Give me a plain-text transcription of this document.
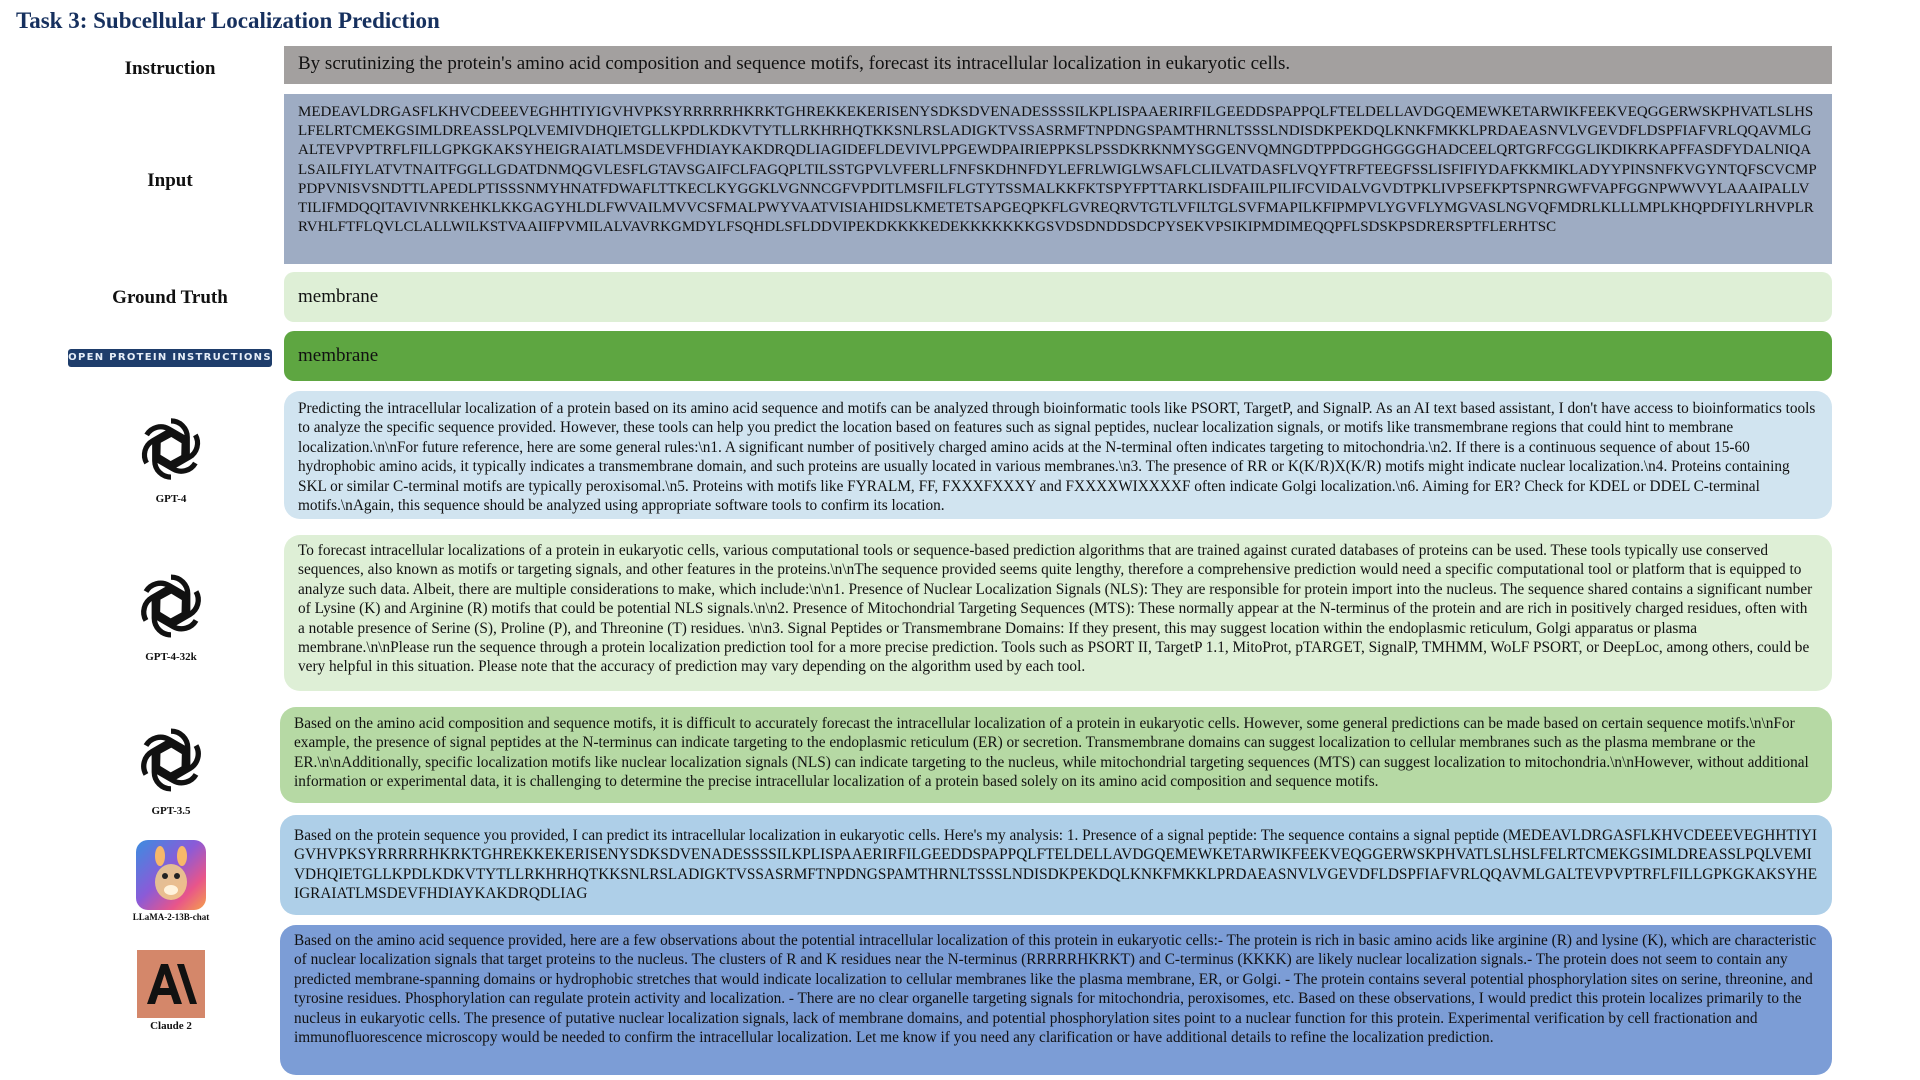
Task 3: Subcellular Localization Prediction
Instruction	By scrutinizing the protein's amino acid composition and sequence motifs, forecast its intracellular localization in eukaryotic cells.
Input
MEDEAVLDRGASFLKHVCDEEEVEGHHTIYIGVHVPKSYRRRRRHKRKTGHREKKEKERISENYSDKSDVENADESSSSILKPLISPAAERIRFILGEEDDSPAPPQLFTELDELLAVDGQEMEWKETARWIKFEEKVEQGGERWSKPHVATLSLHSLFELRTCMEKGSIMLDREASSLPQLVEMIVDHQIETGLLKPDLKDKVTYTLLRKHRHQTKKSNLRSLADIGKTVSSASRMFTNPDNGSPAMTHRNLTSSSLNDISDKPEKDQLKNKFMKKLPRDAEASNVLVGEVDFLDSPFIAFVRLQQAVMLGALTEVPVPTRFLFILLGPKGKAKSYHEIGRAIATLMSDEVFHDIAYKAKDRQDLIAGIDEFLDEVIVLPPGEWDPAIRIEPPKSLPSSDKRKNMYSGGENVQMNGDTPPDGGHGGGGHADCEELQRTGRFCGGLIKDIKRKAPFFASDFYDALNIQALSAILFIYLATVTNAITFGGLLGDATDNMQGVLESFLGTAVSGAIFCLFAGQPLTILSSTGPVLVFERLLFNFSKDHNFDYLEFRLWIGLWSAFLCLILVATDASFLVQYFTRFTEEGFSSLISFIFIYDAFKKMIKLADYYPINSNFKVGYNTQFSCVCMPPDPVNISVSNDTTLAPEDLPTISSSNMYHNATFDWAFLTTKECLKYGGKLVGNNCGFVPDITLMSFILFLGTYTSSMALKKFKTSPYFPTTARKLISDFAIILPILIFCVIDALVGVDTPKLIVPSEFKPTSPNRGWFVAPFGGNPWWVYLAAAIPALLVTILIFMDQQITAVIVNRKEHKLKKGAGYHLDLFWVAILMVVCSFMALPWYVAATVISIAHIDSLKMETETSAPGEQPKFLGVREQRVTGTLVFILTGLSVFMAPILKFIPMPVLYGVFLYMGVASLNGVQFMDRLKLLLMPLKHQPDFIYLRHVPLRRVHLFTFLQVLCLALLWILKSTVAAIIFPVMILALVAVRKGMDYLFSQHDLSFLDDVIPEKDKKKKEDEKKKKKKKGSVDSDNDDSDCPYSEKVPSIKIPMDIMEQQPFLSDSKPSDRERSPTFLERHTSC
Ground Truth	membrane
OPEN PROTEIN INSTRUCTIONS	membrane
GPT-4
Predicting the intracellular localization of a protein based on its amino acid sequence and motifs can be analyzed through bioinformatic tools like PSORT, TargetP, and SignalP. As an AI text based assistant, I don't have access to bioinformatics tools to analyze the specific sequence provided. However, these tools can help you predict the location based on features such as signal peptides, nuclear localization signals, or motifs like transmembrane regions that could hint to membrane localization.\n\nFor future reference, here are some general rules:\n1. A significant number of positively charged amino acids at the N-terminal often indicates targeting to mitochondria.\n2. If there is a continuous sequence of about 15-60 hydrophobic amino acids, it typically indicates a transmembrane domain, and such proteins are usually located in various membranes.\n3. The presence of RR or K(K/R)X(K/R) motifs might indicate nuclear localization.\n4. Proteins containing SKL or similar C-terminal motifs are typically peroxisomal.\n5. Proteins with motifs like FYRALM, FF, FXXXFXXXY and FXXXXWIXXXXF often indicate Golgi localization.\n6. Aiming for ER? Check for KDEL or DDEL C-terminal motifs.\nAgain, this sequence should be analyzed using appropriate software tools to confirm its location.
GPT-4-32k
To forecast intracellular localizations of a protein in eukaryotic cells, various computational tools or sequence-based prediction algorithms that are trained against curated databases of proteins can be used. These tools typically use conserved sequences, also known as motifs or targeting signals, and other features in the proteins.\n\nThe sequence provided seems quite lengthy, therefore a comprehensive prediction would need a specific computational tool or platform that is equipped to analyze such data. Albeit, there are multiple considerations to make, which include:\n\n1. Presence of Nuclear Localization Signals (NLS): They are responsible for protein import into the nucleus. The sequence shared contains a significant number of Lysine (K) and Arginine (R) motifs that could be potential NLS signals.\n\n2. Presence of Mitochondrial Targeting Sequences (MTS): These normally appear at the N-terminus of the protein and are rich in positively charged residues, often with a notable presence of Serine (S), Proline (P), and Threonine (T) residues. \n\n3. Signal Peptides or Transmembrane Domains: If they present, this may suggest location within the endoplasmic reticulum, Golgi apparatus or plasma membrane.\n\nPlease run the sequence through a protein localization prediction tool for a more precise prediction. Tools such as PSORT II, TargetP 1.1, MitoProt, pTARGET, SignalP, TMHMM, WoLF PSORT, or DeepLoc, among others, could be very helpful in this situation. Please note that the accuracy of prediction may vary depending on the algorithm used by each tool.
GPT-3.5
Based on the amino acid composition and sequence motifs, it is difficult to accurately forecast the intracellular localization of a protein in eukaryotic cells. However, some general predictions can be made based on certain sequence motifs.\n\nFor example, the presence of signal peptides at the N-terminus can indicate targeting to the endoplasmic reticulum (ER) or secretion. Transmembrane domains can suggest localization to cellular membranes such as the plasma membrane or the ER.\n\nAdditionally, specific localization motifs like nuclear localization signals (NLS) can indicate targeting to the nucleus, while mitochondrial targeting sequences (MTS) can suggest localization to mitochondria.\n\nHowever, without additional information or experimental data, it is challenging to determine the precise intracellular localization of a protein based solely on its amino acid composition and sequence motifs.
LLaMA-2-13B-chat
Based on the protein sequence you provided, I can predict its intracellular localization in eukaryotic cells. Here's my analysis: 1. Presence of a signal peptide: The sequence contains a signal peptide (MEDEAVLDRGASFLKHVCDEEEVEGHHTIYIGVHVPKSYRRRRRHKRKTGHREKKEKERISENYSDKSDVENADESSSSILKPLISPAAERIRFILGEEDDSPAPPQLFTELDELLAVDGQEMEWKETARWIKFEEKVEQGGERWSKPHVATLSLHSLFELRTCMEKGSIMLDREASSLPQLVEMIVDHQIETGLLKPDLKDKVTYTLLRKHRHQTKKSNLRSLADIGKTVSSASRMFTNPDNGSPAMTHRNLTSSSLNDISDKPEKDQLKNKFMKKLPRDAEASNVLVGEVDFLDSPFIAFVRLQQAVMLGALTEVPVPTRFLFILLGPKGKAKSYHEIGRAIATLMSDEVFHDIAYKAKDRQDLIAG
Claude 2
Based on the amino acid sequence provided, here are a few observations about the potential intracellular localization of this protein in eukaryotic cells:- The protein is rich in basic amino acids like arginine (R) and lysine (K), which are characteristic of nuclear localization signals that target proteins to the nucleus. The clusters of R and K residues near the N-terminus (RRRRRHKRKT) and C-terminus (KKKK) are likely nuclear localization signals.- The protein does not seem to contain any predicted membrane-spanning domains or hydrophobic stretches that would indicate localization to cellular membranes like the plasma membrane, ER, or Golgi. - The protein contains several potential phosphorylation sites on serine, threonine, and tyrosine residues. Phosphorylation can regulate protein activity and localization. - There are no clear organelle targeting signals for mitochondria, peroxisomes, etc. Based on these observations, I would predict this protein localizes primarily to the nucleus in eukaryotic cells. The presence of putative nuclear localization signals, lack of membrane domains, and potential phosphorylation sites point to a nuclear function for this protein. Experimental verification by cell fractionation and immunofluorescence microscopy would be needed to confirm the intracellular localization. Let me know if you need any clarification or have additional details to refine the localization prediction.
